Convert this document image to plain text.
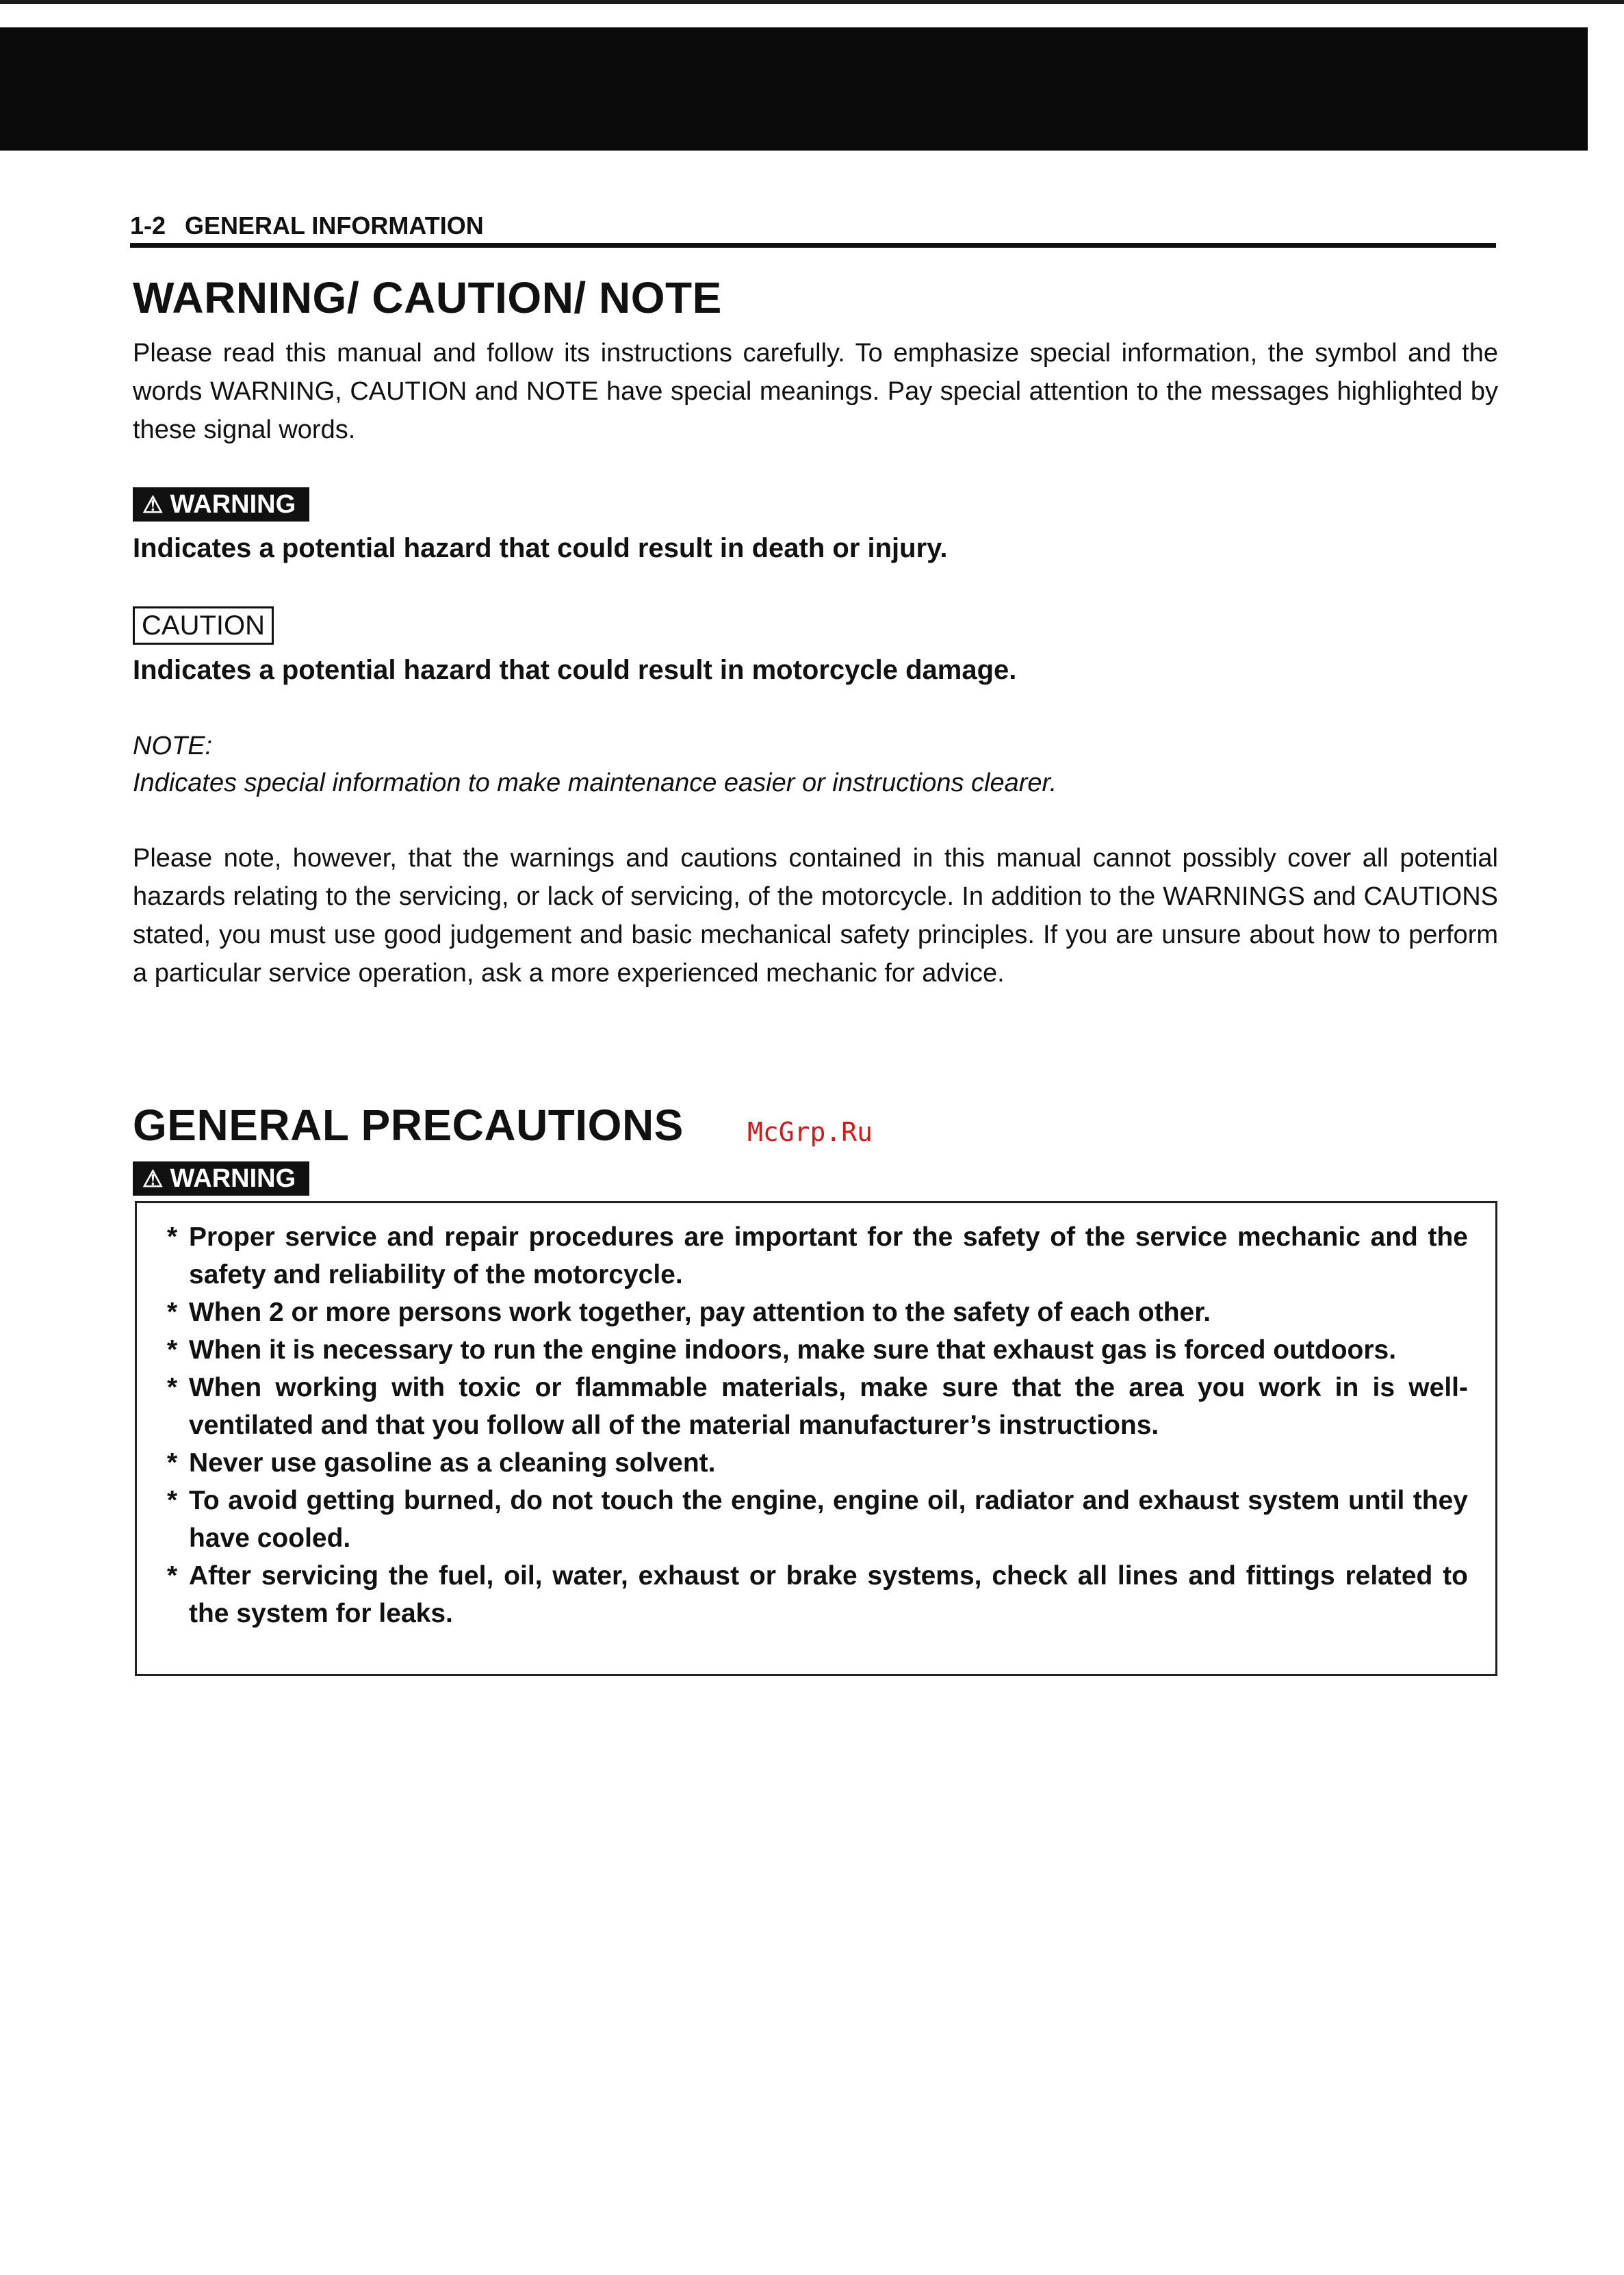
1-2 GENERAL INFORMATION
WARNING/ CAUTION/ NOTE

Please read this manual and follow its instructions carefully. To emphasize special information, the symbol and the words WARNING, CAUTION and NOTE have special meanings. Pay special attention to the messages highlighted by these signal words.

⚠ WARNING

Indicates a potential hazard that could result in death or injury.

CAUTION

Indicates a potential hazard that could result in motorcycle damage.

NOTE:

Indicates special information to make maintenance easier or instructions clearer.

Please note, however, that the warnings and cautions contained in this manual cannot possibly cover all potential hazards relating to the servicing, or lack of servicing, of the motorcycle. In addition to the WARNINGS and CAUTIONS stated, you must use good judgement and basic mechanical safety principles. If you are unsure about how to perform a particular service operation, ask a more experienced mechanic for advice.

GENERAL PRECAUTIONS McGrp.Ru
⚠ WARNING
* Proper service and repair procedures are important for the safety of the service mechanic and the safety and reliability of the motorcycle.
* When 2 or more persons work together, pay attention to the safety of each other.
* When it is necessary to run the engine indoors, make sure that exhaust gas is forced outdoors.
* When working with toxic or flammable materials, make sure that the area you work in is well-ventilated and that you follow all of the material manufacturer’s instructions.
* Never use gasoline as a cleaning solvent.
* To avoid getting burned, do not touch the engine, engine oil, radiator and exhaust system until they have cooled.
* After servicing the fuel, oil, water, exhaust or brake systems, check all lines and fittings related to the system for leaks.
